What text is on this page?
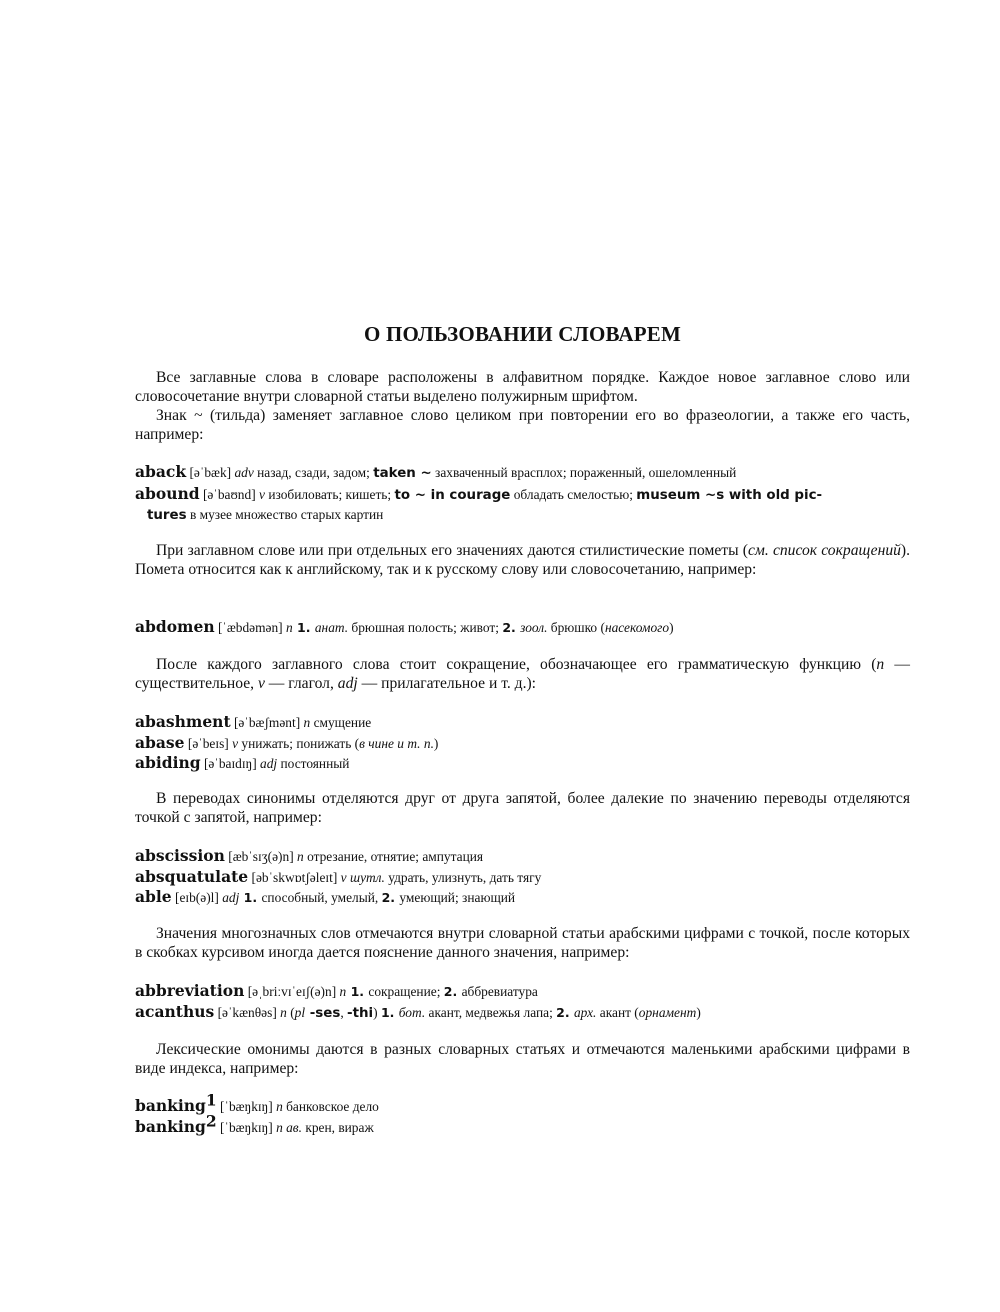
О ПОЛЬЗОВАНИИ СЛОВАРЕМ
Все заглавные слова в словаре расположены в алфавитном порядке. Каждое новое заглавное слово или словосочетание внутри словарной статьи выделено полужирным шрифтом.
Знак ~ (тильда) заменяет заглавное слово целиком при повторении его во фразеологии, а также его часть, например:
aback [əˈbæk] adv назад, сзади, задом; taken ~ захваченный врасплох; пораженный, ошеломленный
abound [əˈbaʊnd] v изобиловать; кишеть; to ~ in courage обладать смелостью; museum ~s with old pic-
tures в музее множество старых картин
При заглавном слове или при отдельных его значениях даются стилистические пометы (см. список сокращений). Помета относится как к английскому, так и к русскому слову или словосочетанию, например:
abdomen [ˈæbdəmən] n 1. анат. брюшная полость; живот; 2. зоол. брюшко (насекомого)
После каждого заглавного слова стоит сокращение, обозначающее его грамматическую функцию (n — существительное, v — глагол, adj — прилагательное и т. д.):
abashment [əˈbæʃmənt] n смущение
abase [əˈbeɪs] v унижать; понижать (в чине и т. п.)
abiding [əˈbaɪdɪŋ] adj постоянный
В переводах синонимы отделяются друг от друга запятой, более далекие по значению переводы отделяются точкой с запятой, например:
abscission [æbˈsɪʒ(ə)n] n отрезание, отнятие; ампутация
absquatulate [əbˈskwɒtʃəleɪt] v шутл. удрать, улизнуть, дать тягу
able [eɪb(ə)l] adj 1. способный, умелый, 2. умеющий; знающий
Значения многозначных слов отмечаются внутри словарной статьи арабскими цифрами с точкой, после которых в скобках курсивом иногда дается пояснение данного значения, например:
abbreviation [əˌbriːvɪˈeɪʃ(ə)n] n 1. сокращение; 2. аббревиатура
acanthus [əˈkænθəs] n (pl -ses, -thi) 1. бот. акант, медвежья лапа; 2. арх. акант (орнамент)
Лексические омонимы даются в разных словарных статьях и отмечаются маленькими арабскими цифрами в виде индекса, например:
banking$^1$ [ˈbæŋkɪŋ] n банковское дело
banking$^2$ [ˈbæŋkɪŋ] n ав. крен, вираж
